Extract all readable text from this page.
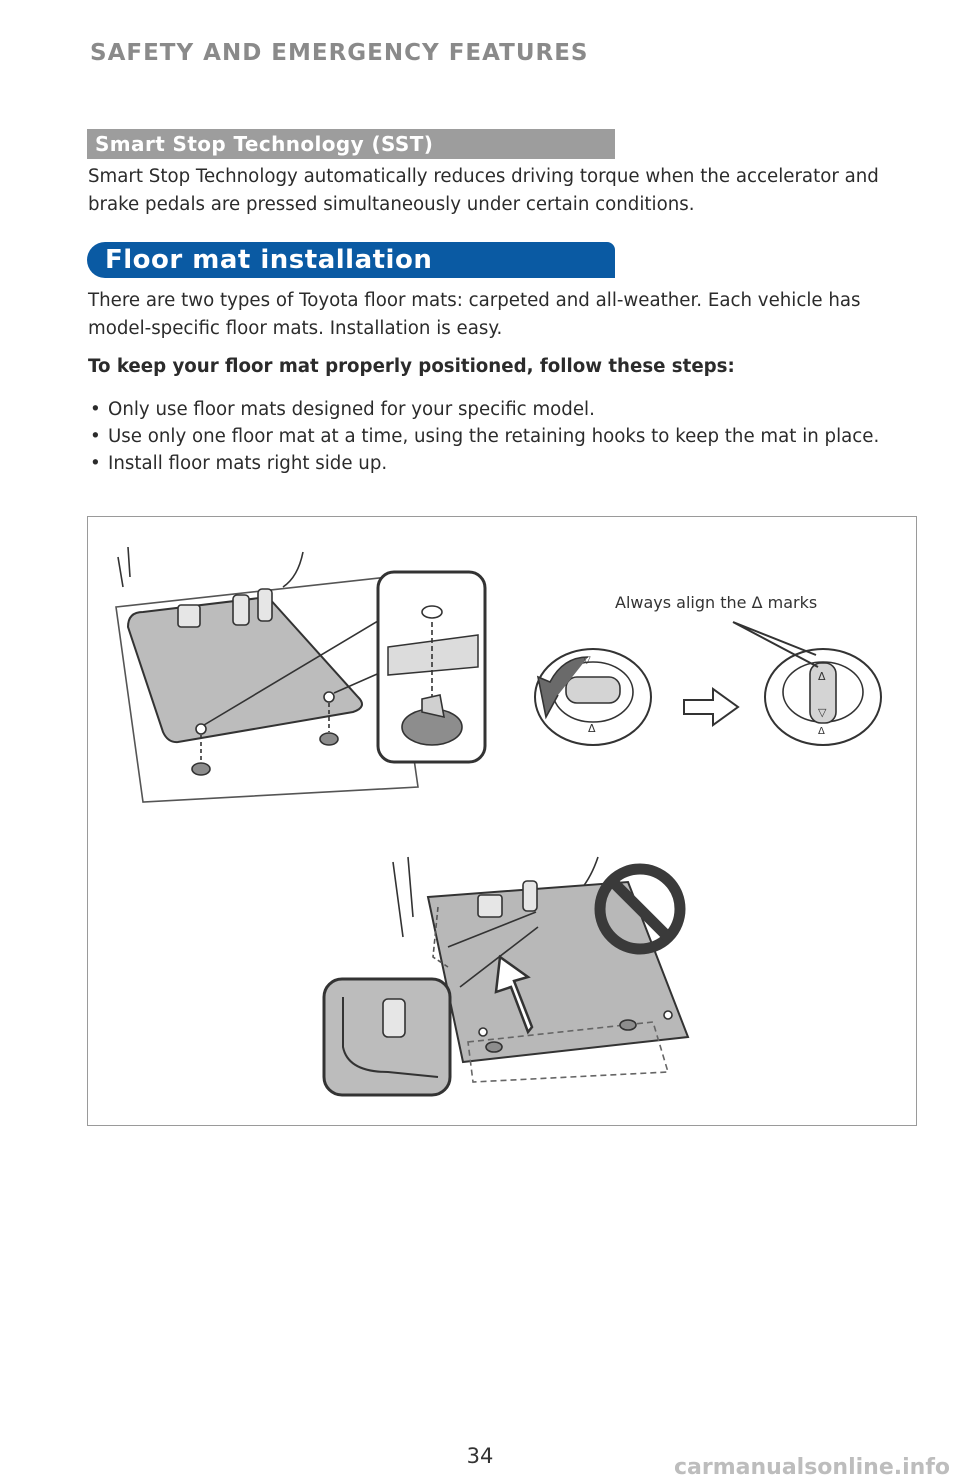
SAFETY AND EMERGENCY FEATURES
Smart Stop Technology (SST)

Smart Stop Technology automatically reduces driving torque when the accelerator and brake pedals are pressed simultaneously under certain conditions.

Floor mat installation

There are two types of Toyota floor mats: carpeted and all-weather. Each vehicle has model-specific floor mats. Installation is easy.

To keep your floor mat properly positioned, follow these steps:
• Only use floor mats designed for your specific model.
• Use only one floor mat at a time, using the retaining hooks to keep the mat in place.
• Install floor mats right side up.
Δ
▽
Δ
▽
Δ
Always align the Δ marks
34	carmanualsonline.info
